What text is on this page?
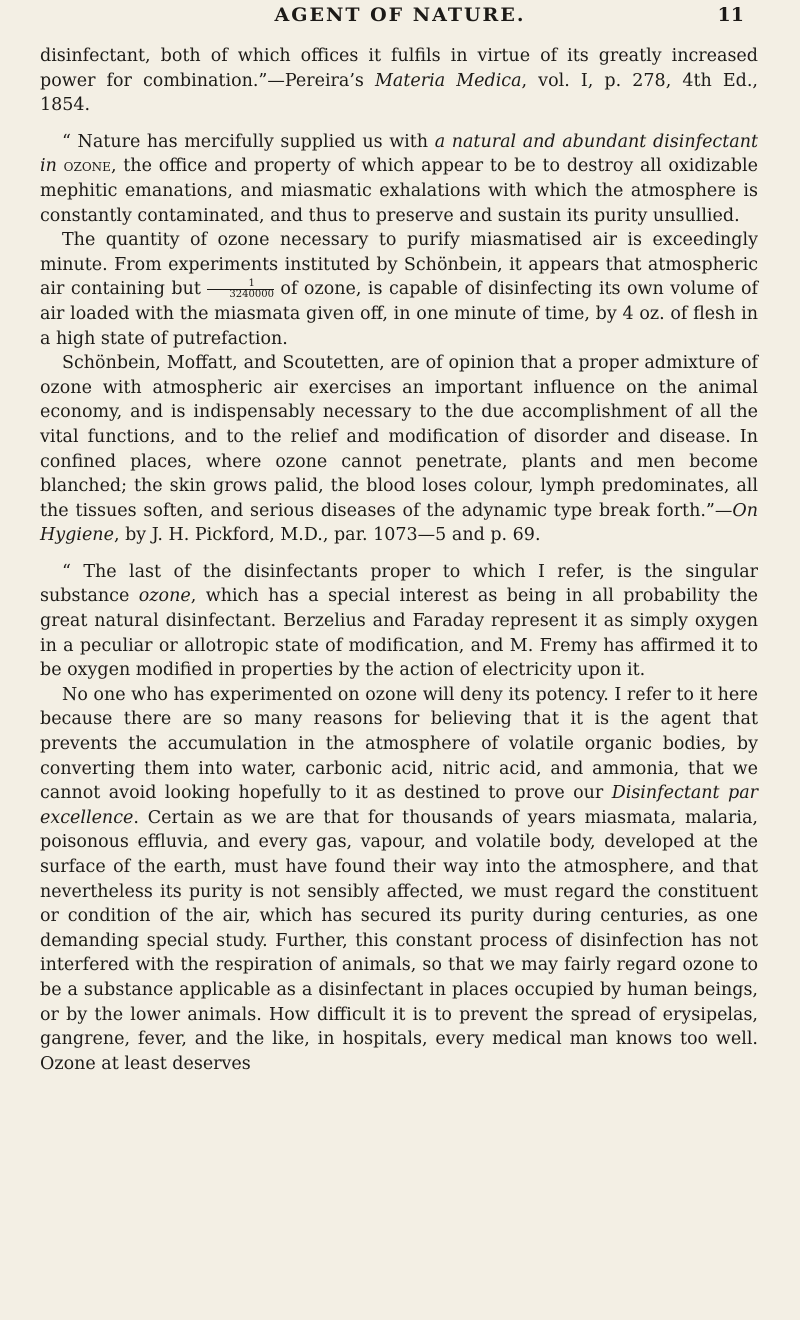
AGENT OF NATURE.	11

disinfectant, both of which offices it fulfils in virtue of its greatly increased power for combination.”—Pereira’s Materia Medica, vol. I, p. 278, 4th Ed., 1854.

“ Nature has mercifully supplied us with a natural and abundant disinfectant in ozone, the office and property of which appear to be to destroy all oxidizable mephitic emanations, and miasmatic exhalations with which the atmosphere is constantly contaminated, and thus to preserve and sustain its purity unsullied.

The quantity of ozone necessary to purify miasmatised air is exceedingly minute. From experiments instituted by Schönbein, it appears that atmospheric air containing but $\frac{1}{3240000}$ of ozone, is capable of disinfecting its own volume of air loaded with the miasmata given off, in one minute of time, by 4 oz. of flesh in a high state of putrefaction.

Schönbein, Moffatt, and Scoutetten, are of opinion that a proper admixture of ozone with atmospheric air exercises an important influence on the animal economy, and is indispensably necessary to the due accomplishment of all the vital functions, and to the relief and modification of disorder and disease. In confined places, where ozone cannot penetrate, plants and men become blanched; the skin grows palid, the blood loses colour, lymph predominates, all the tissues soften, and serious diseases of the adynamic type break forth.”—On Hygiene, by J. H. Pickford, M.D., par. 1073—5 and p. 69.

“ The last of the disinfectants proper to which I refer, is the singular substance ozone, which has a special interest as being in all probability the great natural disinfectant. Berzelius and Faraday represent it as simply oxygen in a peculiar or allotropic state of modification, and M. Fremy has affirmed it to be oxygen modified in properties by the action of electricity upon it.

No one who has experimented on ozone will deny its potency. I refer to it here because there are so many reasons for believing that it is the agent that prevents the accumulation in the atmosphere of volatile organic bodies, by converting them into water, carbonic acid, nitric acid, and ammonia, that we cannot avoid looking hopefully to it as destined to prove our Disinfectant par excellence. Certain as we are that for thousands of years miasmata, malaria, poisonous effluvia, and every gas, vapour, and volatile body, developed at the surface of the earth, must have found their way into the atmosphere, and that nevertheless its purity is not sensibly affected, we must regard the constituent or condition of the air, which has secured its purity during centuries, as one demanding special study. Further, this constant process of disinfection has not interfered with the respiration of animals, so that we may fairly regard ozone to be a substance applicable as a disinfectant in places occupied by human beings, or by the lower animals. How difficult it is to prevent the spread of erysipelas, gangrene, fever, and the like, in hospitals, every medical man knows too well. Ozone at least deserves
